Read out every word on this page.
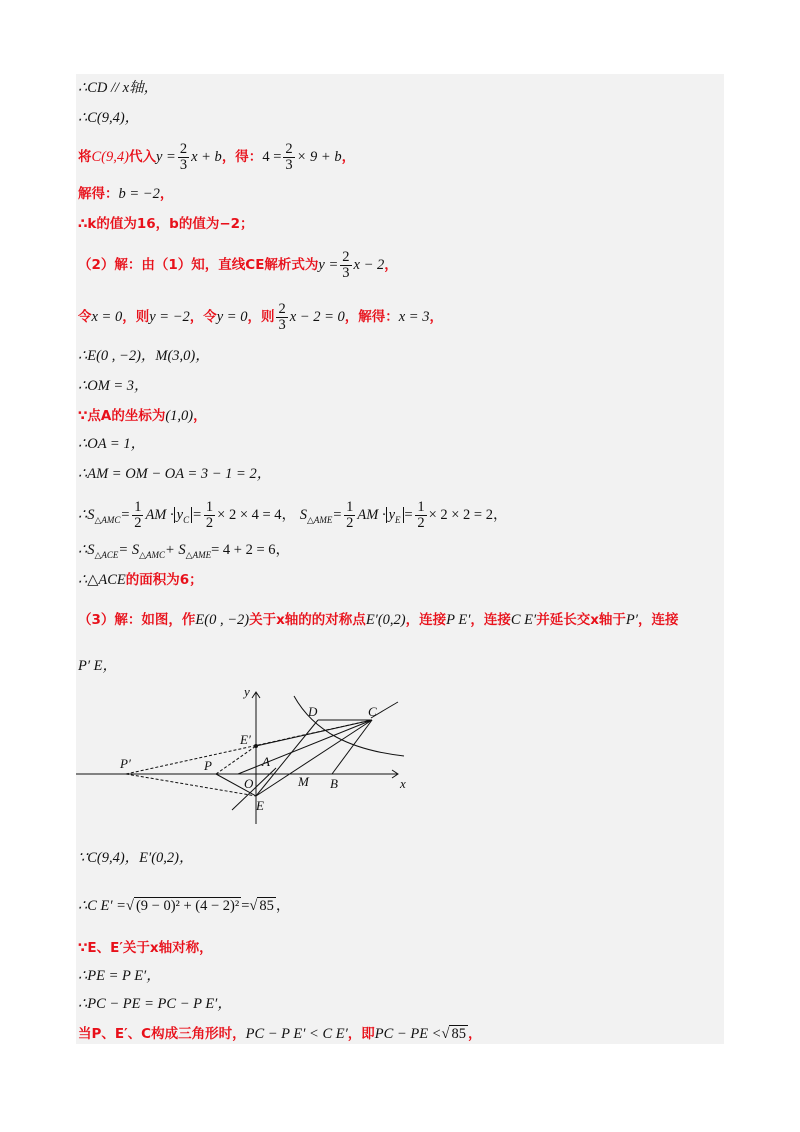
∴CD // x轴，
∴C(9,4)，
将C(9,4)代入$y = \frac{2}{3}$ x + b，得：$4 = \frac{2}{3} \times 9 + b$，
解得：b = −2，
∴k的值为16，b的值为−2；
（2）解：由（1）知，直线CE解析式为$y = \frac{2}{3}$ x − 2，
令x = 0，则y = −2，令y = 0，则 $\frac{2}{3}$ x − 2 = 0，解得：x = 3，
∴E(0 , −2)，M(3,0)，
∴OM = 3，
∵点A的坐标为(1,0)，
∴OA = 1，
∴AM = OM − OA = 3 − 1 = 2，
$\therefore S_{\triangle AMC}= \frac{1}{2}$ AM · $y_C = \frac{1}{2} \times 2 \times 4 = 4$， $S_{\triangle AME}= \frac{1}{2}$ AM · $y_E = \frac{1}{2} \times 2 \times 2 = 2$，
$\therefore S_{\triangle ACE}= S_{\triangle AMC}+ S_{\triangle AME}= 4 + 2 = 6$，
∴△ACE的面积为6；
（3）解：如图，作E(0 , −2)关于x轴的的对称点E′(0,2)，连接P E′，连接C E′并延长交x轴于P′，连接
P′ E，
y
x
D	C
E′
P′	P	A
O	M B
E
∵C(9,4)，E′(0,2)，
∴C E′ =√ (9 − 0)² + (4 − 2)² =√ 85 ，
∵E、E′关于x轴对称，
∴PE = P E′，
∴PC − PE = PC − P E′，
当P、E′、C构成三角形时，PC − P E′ < C E′，即PC − PE <√ 85 ，
